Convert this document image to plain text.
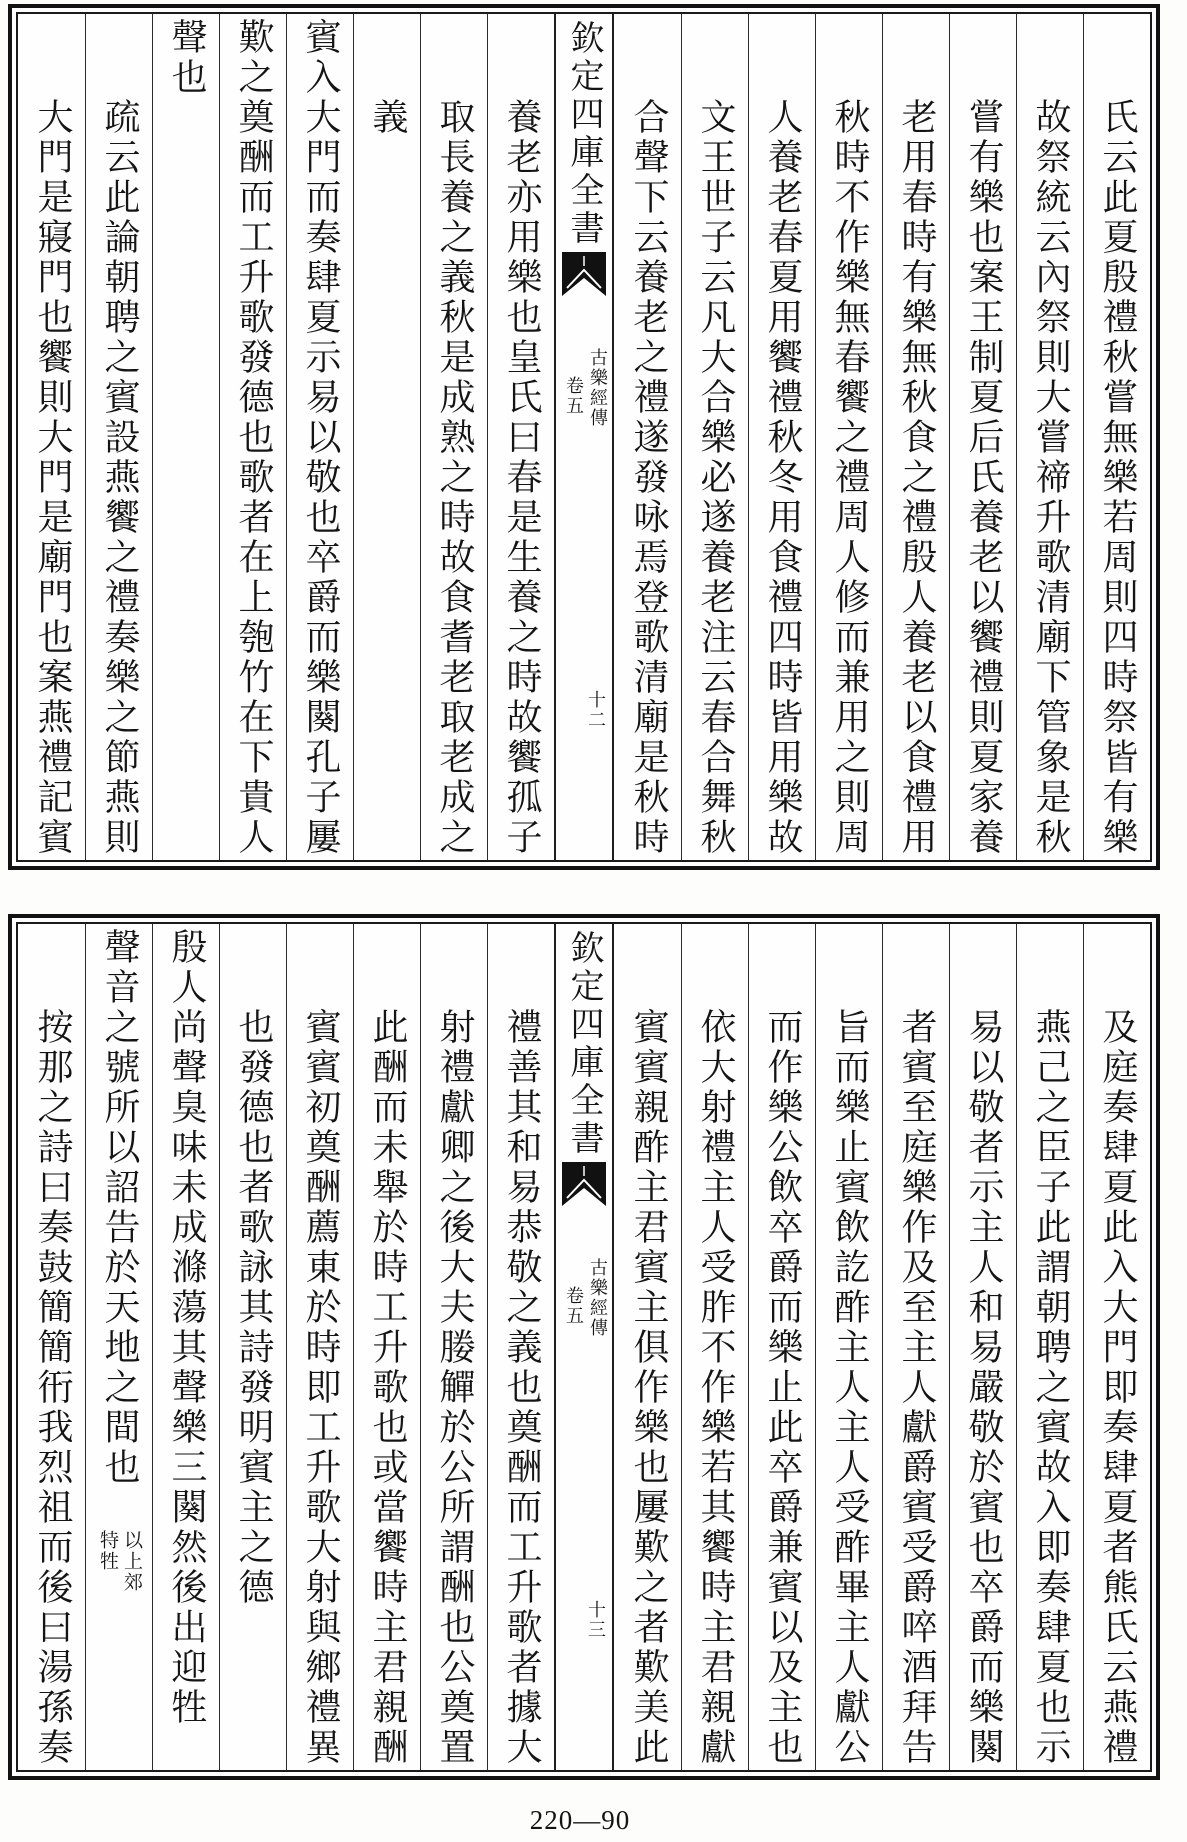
氏云此夏殷禮秋嘗無樂若周則四時祭皆有樂
故祭統云內祭則大嘗禘升歌清廟下管象是秋
嘗有樂也案王制夏后氏養老以饗禮則夏家養
老用春時有樂無秋食之禮殷人養老以食禮用
秋時不作樂無春饗之禮周人修而兼用之則周
人養老春夏用饗禮秋冬用食禮四時皆用樂故
文王世子云凡大合樂必遂養老注云春合舞秋
合聲下云養老之禮遂發咏焉登歌清廟是秋時
欽定四庫全書
古樂經傳
卷五
十二
養老亦用樂也皇氏曰春是生養之時故饗孤子
取長養之義秋是成熟之時故食耆老取老成之
義
賓入大門而奏肆夏示易以敬也卒爵而樂闋孔子屢
歎之奠酬而工升歌發德也歌者在上匏竹在下貴人
聲也
疏云此論朝聘之賓設燕饗之禮奏樂之節燕則
大門是寢門也饗則大門是廟門也案燕禮記賓
及庭奏肆夏此入大門即奏肆夏者熊氏云燕禮
燕己之臣子此謂朝聘之賓故入即奏肆夏也示
易以敬者示主人和易嚴敬於賓也卒爵而樂闋
者賓至庭樂作及至主人獻爵賓受爵啐酒拜告
旨而樂止賓飲訖酢主人主人受酢畢主人獻公
而作樂公飲卒爵而樂止此卒爵兼賓以及主也
依大射禮主人受胙不作樂若其饗時主君親獻
賓賓親酢主君賓主俱作樂也屢歎之者歎美此
欽定四庫全書
古樂經傳
卷五
十三
禮善其和易恭敬之義也奠酬而工升歌者據大
射禮獻卿之後大夫媵觶於公所謂酬也公奠置
此酬而未舉於時工升歌也或當饗時主君親酬
賓賓初奠酬薦東於時即工升歌大射與鄉禮異
也發德也者歌詠其詩發明賓主之德
殷人尚聲臭味未成滌蕩其聲樂三闋然後出迎牲
聲音之號所以詔告於天地之間也
以上郊
特牲
按那之詩曰奏鼓簡簡衎我烈祖而後曰湯孫奏
220—90
